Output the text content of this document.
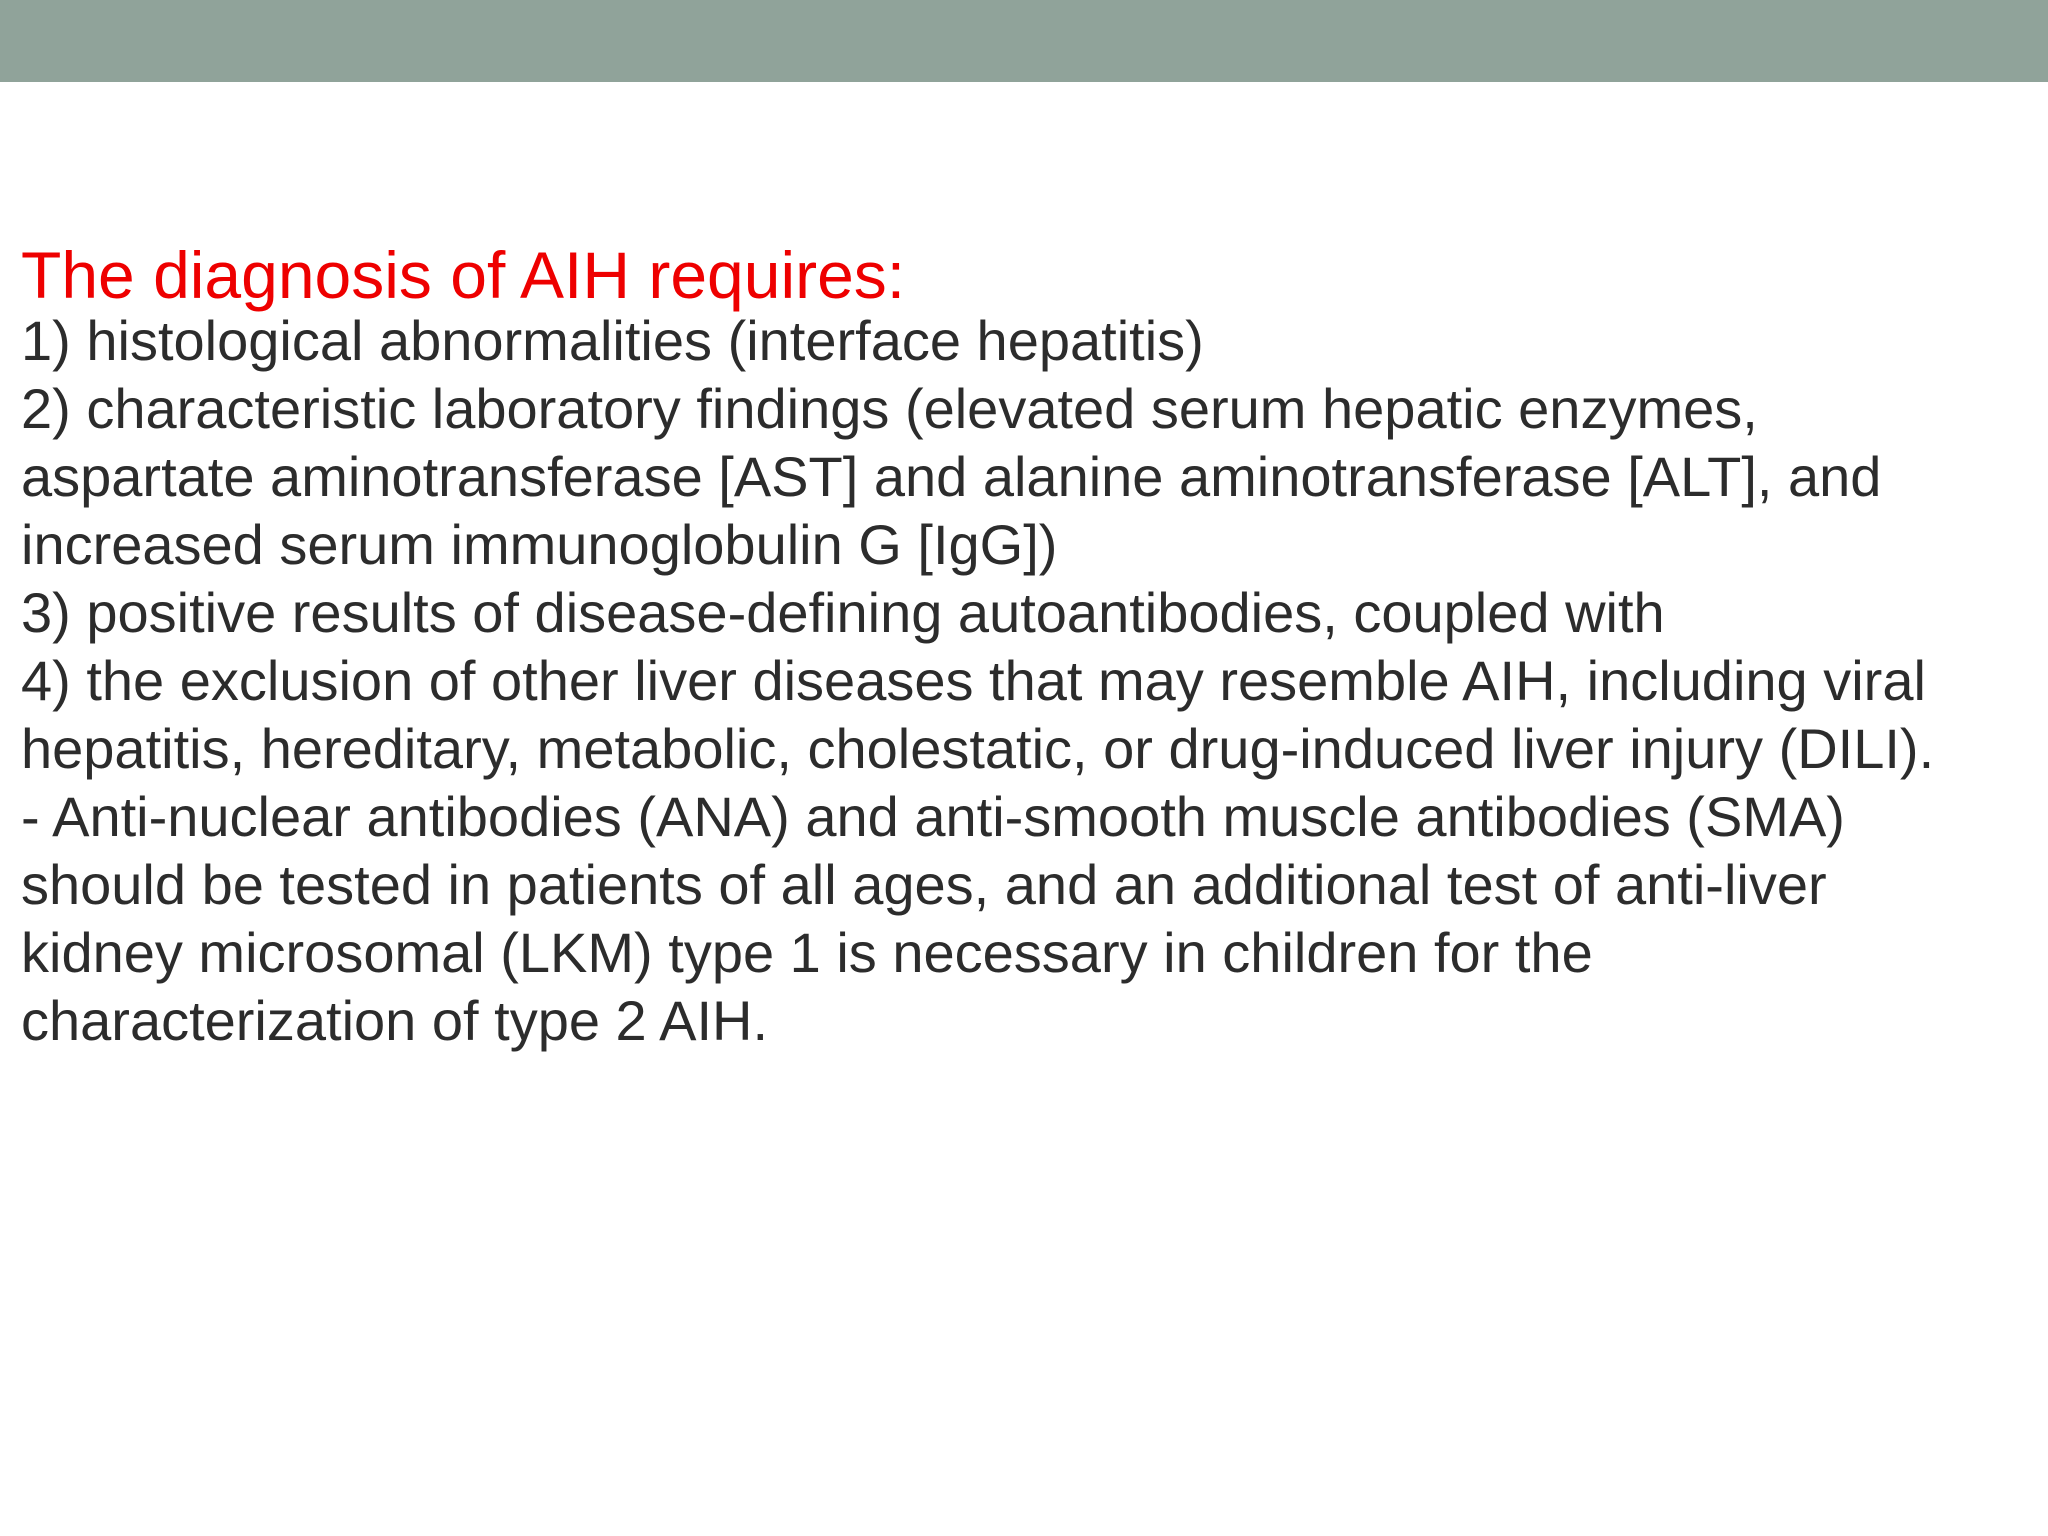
The diagnosis of AIH requires:
1) histological abnormalities (interface hepatitis)
2) characteristic laboratory findings (elevated serum hepatic enzymes,
aspartate aminotransferase [AST] and alanine aminotransferase [ALT], and
increased serum immunoglobulin G [IgG])
3) positive results of disease-defining autoantibodies, coupled with
4) the exclusion of other liver diseases that may resemble AIH, including viral
hepatitis, hereditary, metabolic, cholestatic, or drug-induced liver injury (DILI).
- Anti-nuclear antibodies (ANA) and anti-smooth muscle antibodies (SMA)
should be tested in patients of all ages, and an additional test of anti-liver
kidney microsomal (LKM) type 1 is necessary in children for the
characterization of type 2 AIH.
